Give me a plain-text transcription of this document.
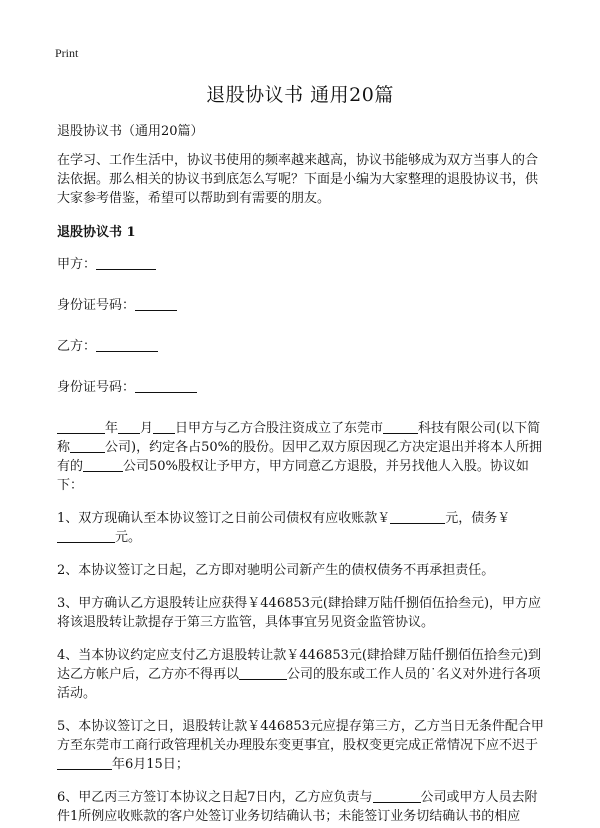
Print
退股协议书 通用20篇

退股协议书（通用20篇）

在学习、工作生活中，协议书使用的频率越来越高，协议书能够成为双方当事人的合法依据。那么相关的协议书到底怎么写呢？下面是小编为大家整理的退股协议书，供大家参考借鉴，希望可以帮助到有需要的朋友。

退股协议书 1

甲方：

身份证号码：

乙方：

身份证号码：

年 月 日甲方与乙方合股注资成立了东莞市	科技有限公司(以下简称	公司)，约定各占50%的股份。因甲乙双方原因现乙方决定退出并将本人所拥有的	公司50%股权让予甲方，甲方同意乙方退股，并另找他人入股。协议如下：

1、双方现确认至本协议签订之日前公司债权有应收账款￥	元，债务￥元。

2、本协议签订之日起，乙方即对驰明公司新产生的债权债务不再承担责任。

3、甲方确认乙方退股转让应获得￥446853元(肆拾肆万陆仟捌佰伍拾叁元)，甲方应将该退股转让款提存于第三方监管，具体事宜另见资金监管协议。

4、当本协议约定应支付乙方退股转让款￥446853元(肆拾肆万陆仟捌佰伍拾叁元)到达乙方帐户后，乙方亦不得再以	公司的股东或工作人员的˙名义对外进行各项活动。

5、本协议签订之日，退股转让款￥446853元应提存第三方，乙方当日无条件配合甲方至东莞市工商行政管理机关办理股东变更事宜，股权变更完成正常情况下应不迟于年6月15日；

6、甲乙丙三方签订本协议之日起7日内，乙方应负责与	公司或甲方人员去附件1所例应收账款的客户处签订业务切结确认书；未能签订业务切结确认书的相应
